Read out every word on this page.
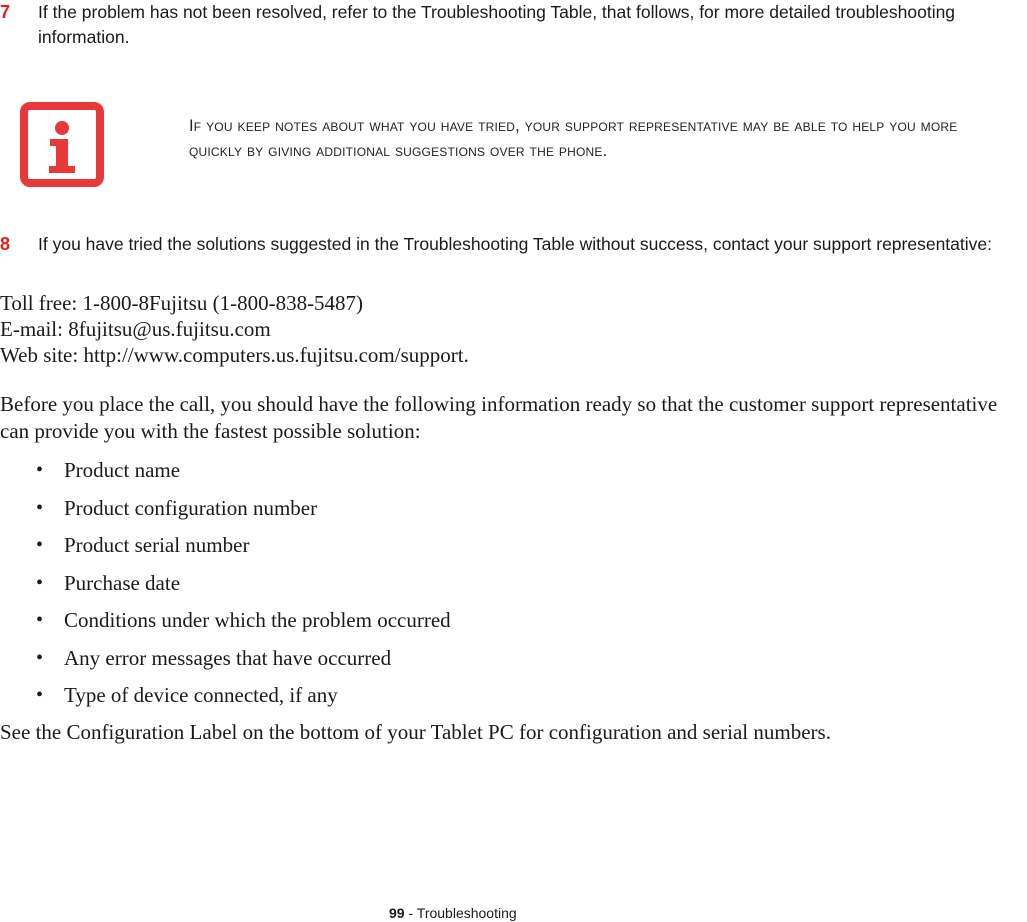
7 If the problem has not been resolved, refer to the Troubleshooting Table, that follows, for more detailed troubleshooting information.
If you keep notes about what you have tried, your support representative may be able to help you more quickly by giving additional suggestions over the phone.
8 If you have tried the solutions suggested in the Troubleshooting Table without success, contact your support representative:
Toll free: 1-800-8Fujitsu (1-800-838-5487)
E-mail: 8fujitsu@us.fujitsu.com
Web site: http://www.computers.us.fujitsu.com/support.
Before you place the call, you should have the following information ready so that the customer support representative can provide you with the fastest possible solution:
• Product name
• Product configuration number
• Product serial number
• Purchase date
• Conditions under which the problem occurred
• Any error messages that have occurred
• Type of device connected, if any
See the Configuration Label on the bottom of your Tablet PC for configuration and serial numbers.
99 - Troubleshooting
